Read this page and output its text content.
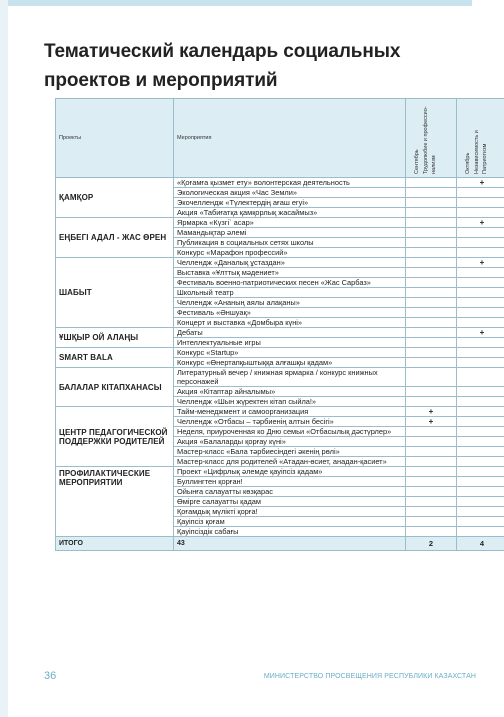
Тематический календарь социальных проектов и мероприятий
Проекты	Мероприятия	Сентябрь Трудолюбие и профессио- нализм	Октябрь Независимость и Патриотизм

ҚАМҚОР	«Қоғамға қызмет ету» волонтерская деятельность		+
	Экологическая акция «Час Земли»		
	Экочеллендж «Түлектердің ағаш егуі»		
	Акция «Табиғатқа қамқорлық жасаймыз»		
ЕҢБЕГІ АДАЛ - ЖАС ӨРЕН	Ярмарка «Күзгі` асар»		+
	Мамандықтар әлемі		
	Публикация в социальных сетях школы		
	Конкурс «Марафон профессий»		
ШАБЫТ	Челлендж «Даналық ұстаздан»		+
	Выставка «Ұлттық мәдениет»		
	Фестиваль военно-патриотических песен «Жас Сарбаз»		
	Школьный театр		
	Челлендж «Ананың аялы алақаны»		
	Фестиваль «Әншуақ»		
	Концерт и выставка «Домбыра күні»		
ҰШҚЫР ОЙ АЛАҢЫ	Дебаты		+
	Интеллектуальные игры		
SMART BALA	Конкурс «Startup»		
	Конкурс «Өнертапқыштыққа алғашқы қадам»		
БАЛАЛАР КІТАПХАНАСЫ	Литературный вечер / книжная ярмарка / конкурс книжных персонажей		
	Акция «Кітаптар айналымы»		
	Челлендж «Шын жүректен кітап сыйла!»		
ЦЕНТР ПЕДАГОГИЧЕСКОЙ ПОДДЕРЖКИ РОДИТЕЛЕЙ	Тайм-менеджмент и самоорганизация	+	
	Челлендж «Отбасы – тәрбиенің алтын бесігі»	+	
	Неделя, приуроченная ко Дню семьи «Отбасылық дәстүрлер»		
	Акция «Балаларды қорғау күні»		
	Мастер-класс «Бала тәрбиесіндегі әкенің рөлі»		
	Мастер-класс для родителей «Атадан-өсиет, анадан-қасиет»		
ПРОФИЛАКТИЧЕСКИЕ МЕРОПРИЯТИИ	Проект «Цифрлық әлемде қауіпсіз қадам»		
	Буллингтен қорған!		
	Ойынға салауатты көзқарас		
	Өмірге салауатты қадам		
	Қоғамдық мүлікті қорға!		
	Қауіпсіз қоғам		
	Қауіпсіздік сабағы		
ИТОГО	43	2	4
36	МИНИСТЕРСТВО ПРОСВЕЩЕНИЯ РЕСПУБЛИКИ КАЗАХСТАН
